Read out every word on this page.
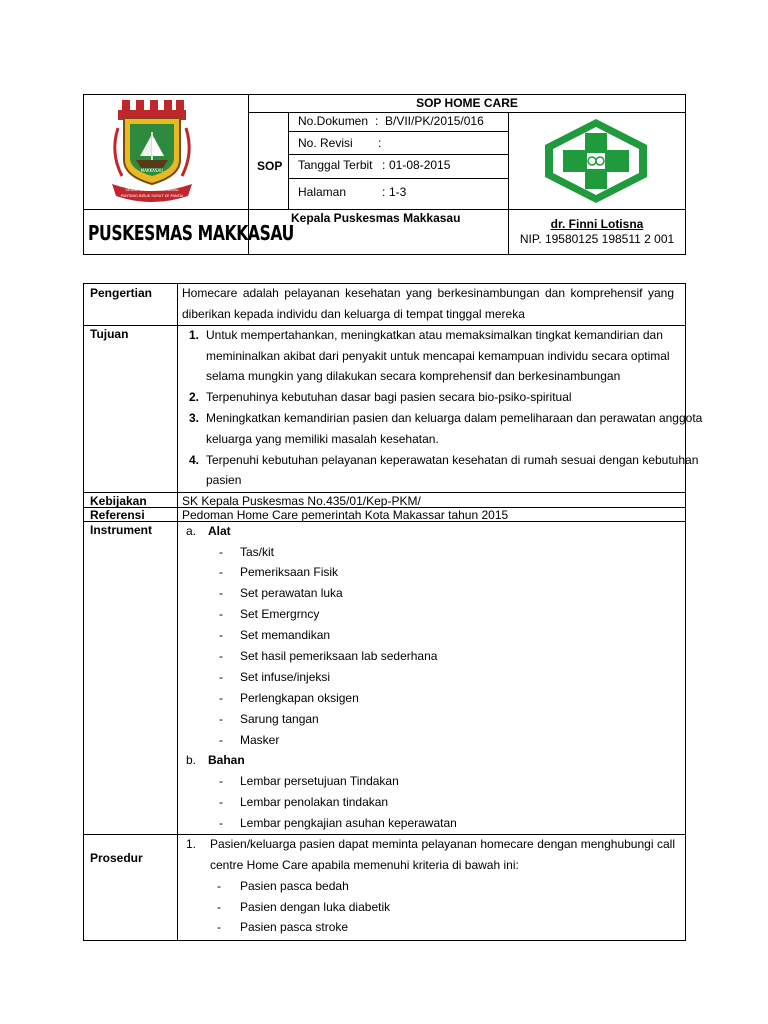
MAKKASAU
SEWALI LAKUN TERKEMBANG
PANTANG BIDUK SURUT KE PANTAI
SOP HOME CARE
SOP
No.Dokumen : B/VII/PK/2015/016
No. Revisi :
Tanggal Terbit : 01-08-2015
Halaman	: 1-3
PUSKESMAS MAKKASAU
Kepala Puskesmas Makkasau	dr. Finni Lotisna
NIP. 19580125 198511 2 001
Pengertian Homecare adalah pelayanan kesehatan yang berkesinambungan dan komprehensif yang
diberikan kepada individu dan keluarga di tempat tinggal mereka
Tujuan	1. Untuk mempertahankan, meningkatkan atau memaksimalkan tingkat kemandirian dan
memininalkan akibat dari penyakit untuk mencapai kemampuan individu secara optimal
selama mungkin yang dilakukan secara komprehensif dan berkesinambungan
2. Terpenuhinya kebutuhan dasar bagi pasien secara bio-psiko-spiritual
3. Meningkatkan kemandirian pasien dan keluarga dalam pemeliharaan dan perawatan anggota
keluarga yang memiliki masalah kesehatan.
4. Terpenuhi kebutuhan pelayanan keperawatan kesehatan di rumah sesuai dengan kebutuhan
pasien
Kebijakan	SK Kepala Puskesmas No.435/01/Kep-PKM/
Referensi	Pedoman Home Care pemerintah Kota Makassar tahun 2015
Instrument	a. Alat
- Tas/kit
- Pemeriksaan Fisik
- Set perawatan luka
- Set Emergrncy
- Set memandikan
- Set hasil pemeriksaan lab sederhana
- Set infuse/injeksi
- Perlengkapan oksigen
- Sarung tangan
- Masker
b. Bahan
- Lembar persetujuan Tindakan
- Lembar penolakan tindakan
- Lembar pengkajian asuhan keperawatan
Prosedur
1. Pasien/keluarga pasien dapat meminta pelayanan homecare dengan menghubungi call
centre Home Care apabila memenuhi kriteria di bawah ini:
- Pasien pasca bedah
- Pasien dengan luka diabetik
- Pasien pasca stroke
